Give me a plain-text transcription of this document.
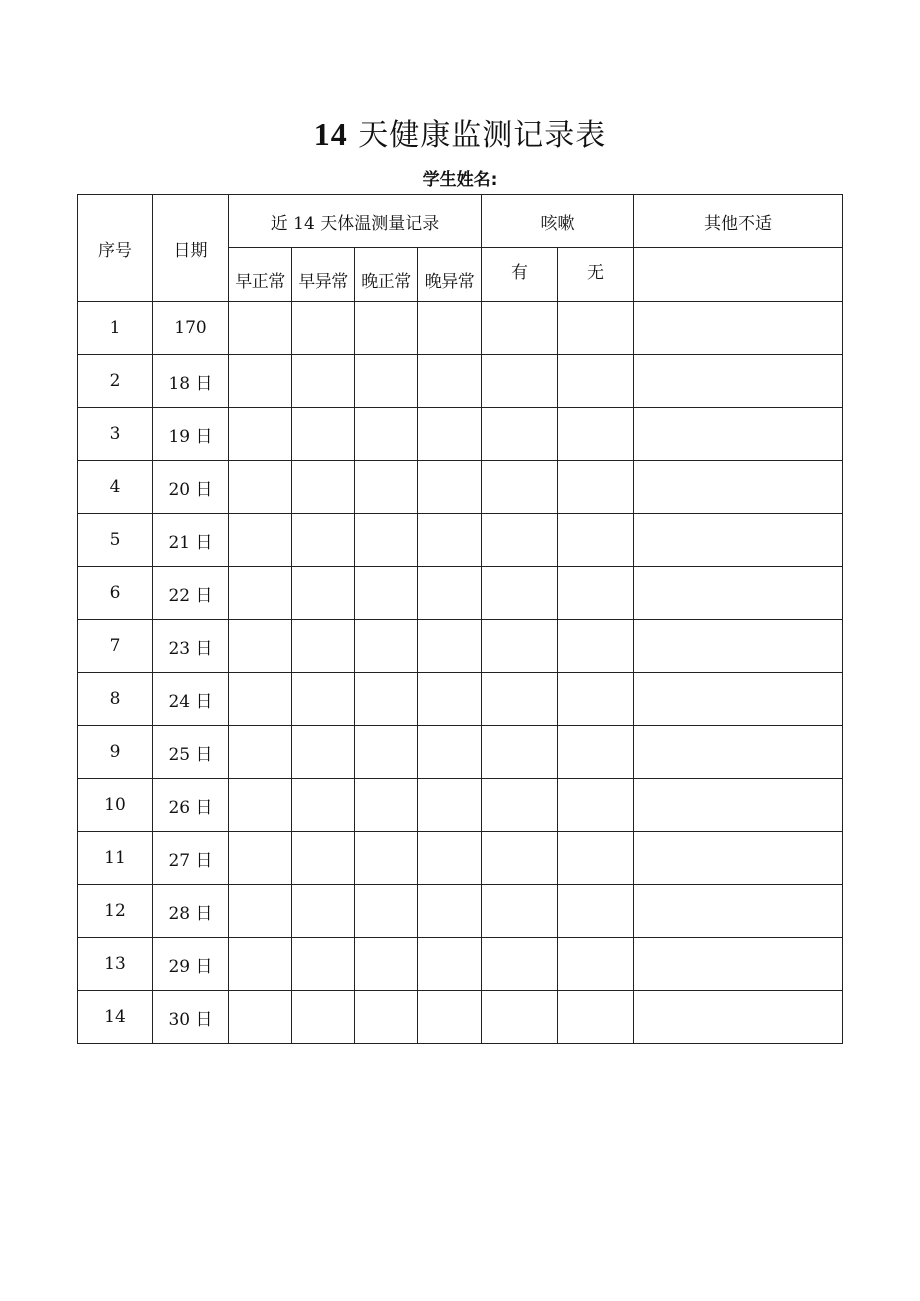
14 天健康监测记录表
学生姓名:
序号	日期	近 14 天体温测量记录				咳嗽		其他不适

		早正常	早异常	晚正常	晚异常	有	无	

1	170							
2	18 日							
3	19 日							
4	20 日							
5	21 日							
6	22 日							
7	23 日							
8	24 日							
9	25 日							
10	26 日							
11	27 日							
12	28 日							
13	29 日							
14	30 日							
